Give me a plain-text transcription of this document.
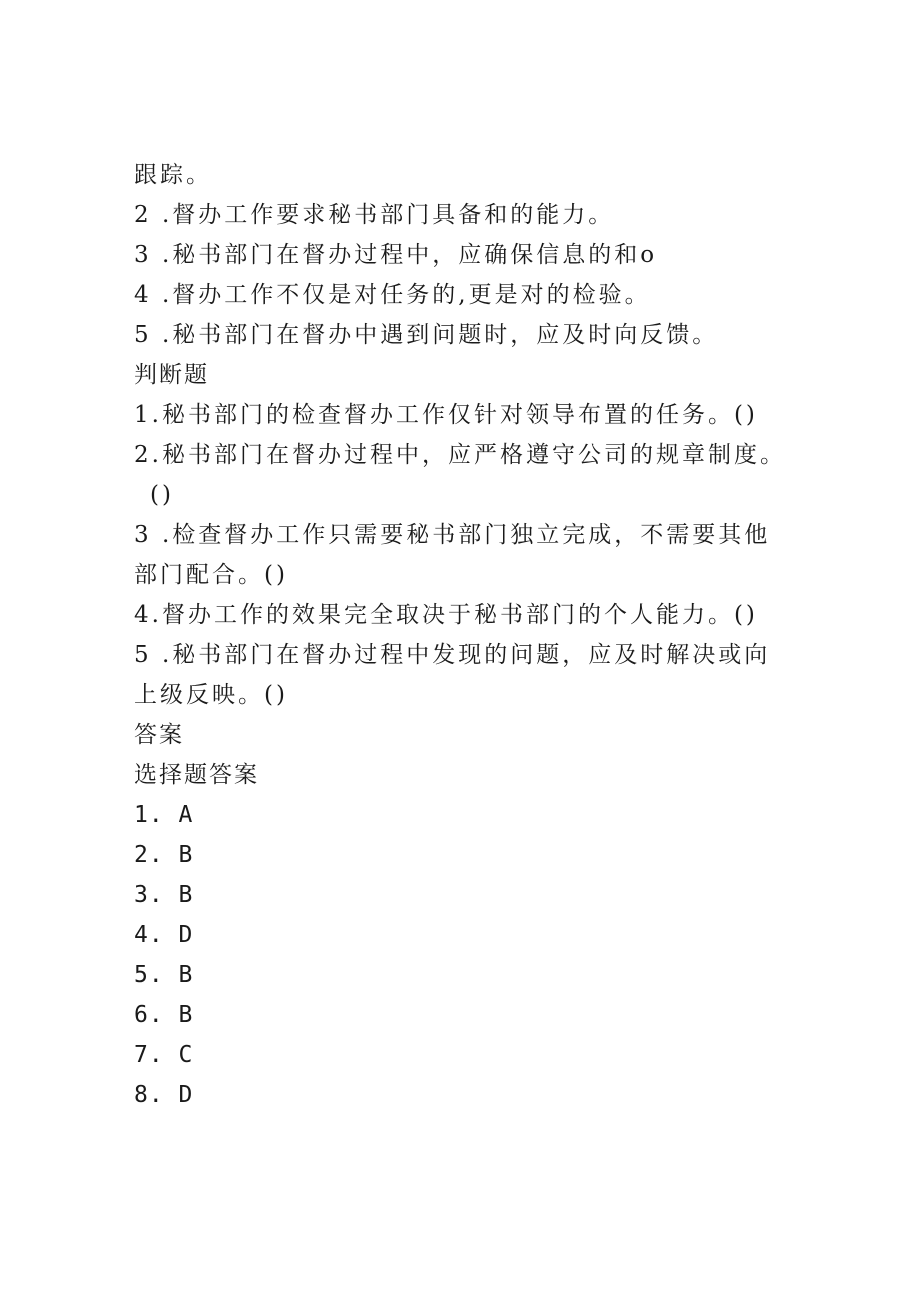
跟踪。
2 .督办工作要求秘书部门具备和的能力。
3 .秘书部门在督办过程中，应确保信息的和o
4 .督办工作不仅是对任务的,更是对的检验。
5 .秘书部门在督办中遇到问题时，应及时向反馈。
判断题
1.秘书部门的检查督办工作仅针对领导布置的任务。()
2.秘书部门在督办过程中，应严格遵守公司的规章制度。
()
3 .检查督办工作只需要秘书部门独立完成，不需要其他
部门配合。()
4.督办工作的效果完全取决于秘书部门的个人能力。()
5 .秘书部门在督办过程中发现的问题，应及时解决或向
上级反映。()
答案
选择题答案
1. A
2. B
3. B
4. D
5. B
6. B
7. C
8. D
